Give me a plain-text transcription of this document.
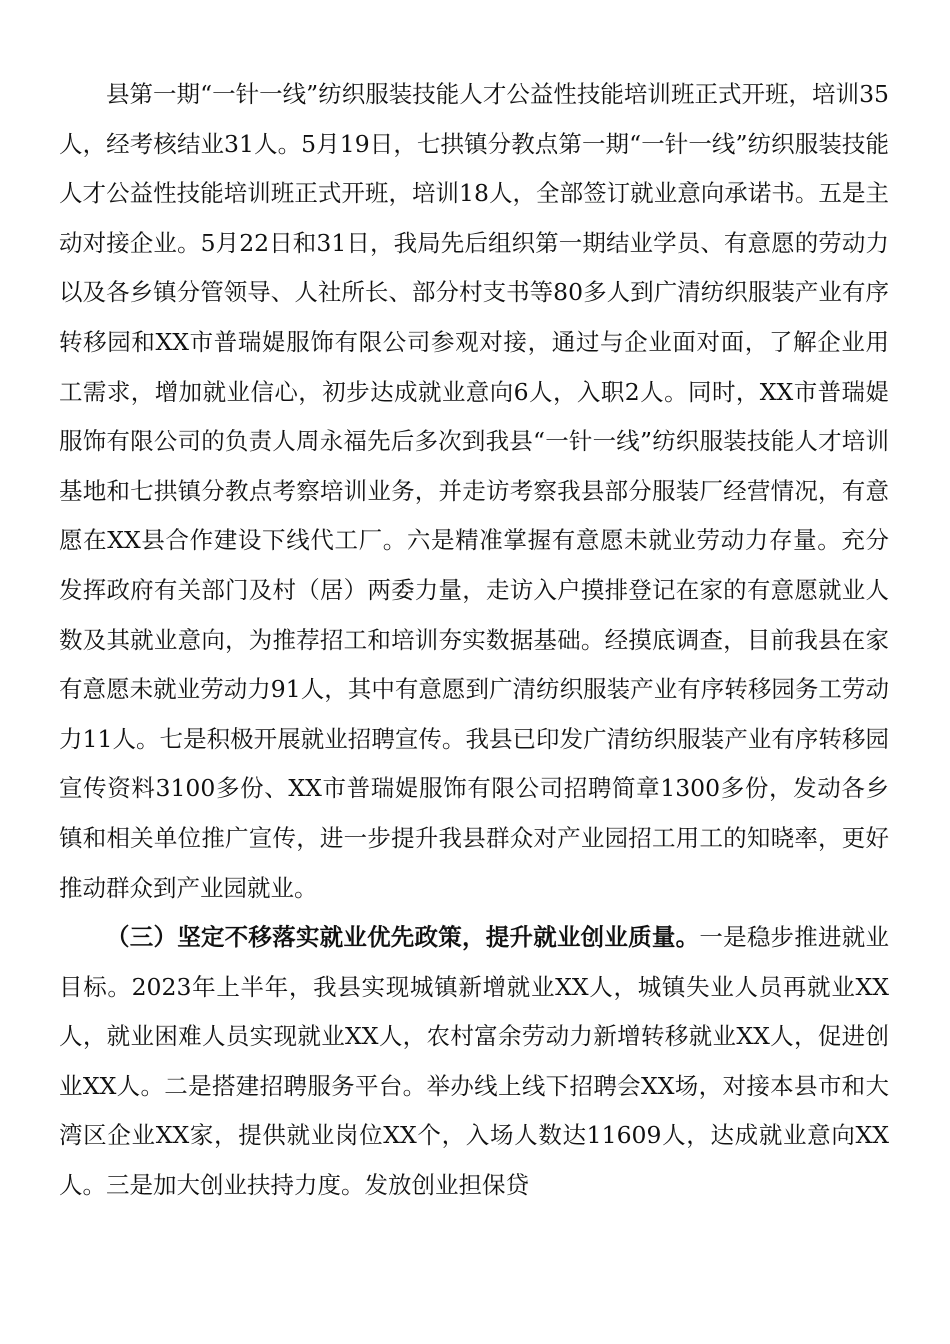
县第一期“一针一线”纺织服装技能人才公益性技能培训班正式开班，培训35人，经考核结业31人。5月19日，七拱镇分教点第一期“一针一线”纺织服装技能人才公益性技能培训班正式开班，培训18人，全部签订就业意向承诺书。五是主动对接企业。5月22日和31日，我局先后组织第一期结业学员、有意愿的劳动力以及各乡镇分管领导、人社所长、部分村支书等80多人到广清纺织服装产业有序转移园和XX市普瑞媞服饰有限公司参观对接，通过与企业面对面，了解企业用工需求，增加就业信心，初步达成就业意向6人，入职2人。同时，XX市普瑞媞服饰有限公司的负责人周永福先后多次到我县“一针一线”纺织服装技能人才培训基地和七拱镇分教点考察培训业务，并走访考察我县部分服装厂经营情况，有意愿在XX县合作建设下线代工厂。六是精准掌握有意愿未就业劳动力存量。充分发挥政府有关部门及村（居）两委力量，走访入户摸排登记在家的有意愿就业人数及其就业意向，为推荐招工和培训夯实数据基础。经摸底调查，目前我县在家有意愿未就业劳动力91人，其中有意愿到广清纺织服装产业有序转移园务工劳动力11人。七是积极开展就业招聘宣传。我县已印发广清纺织服装产业有序转移园宣传资料3100多份、XX市普瑞媞服饰有限公司招聘简章1300多份，发动各乡镇和相关单位推广宣传，进一步提升我县群众对产业园招工用工的知晓率，更好推动群众到产业园就业。

（三）坚定不移落实就业优先政策，提升就业创业质量。一是稳步推进就业目标。2023年上半年，我县实现城镇新增就业XX人，城镇失业人员再就业XX人，就业困难人员实现就业XX人，农村富余劳动力新增转移就业XX人，促进创业XX人。二是搭建招聘服务平台。举办线上线下招聘会XX场，对接本县市和大湾区企业XX家，提供就业岗位XX个，入场人数达11609人，达成就业意向XX人。三是加大创业扶持力度。发放创业担保贷
